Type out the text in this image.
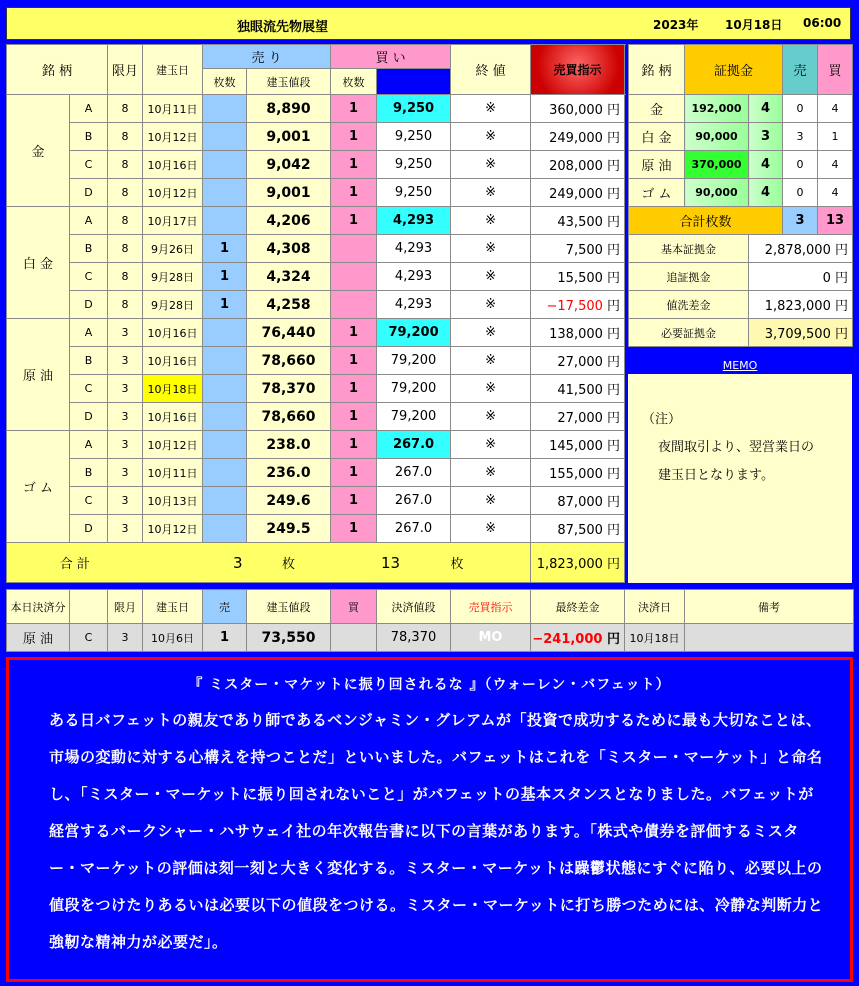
独眼流先物展望	2023年 10月18日 06:00
銘 柄		限月	建玉日	売 り		買 い		終 値	売買指示	
				枚数	建玉値段	枚数				
金	A	8	10月11日		8,890	1	9,250	※	360,000 円	
	B	8	10月12日		9,001	1	9,250	※	249,000 円	
	C	8	10月16日		9,042	1	9,250	※	208,000 円	
	D	8	10月12日		9,001	1	9,250	※	249,000 円	
白 金	A	8	10月17日		4,206	1	4,293	※	43,500 円	
	B	8	9月26日	1	4,308		4,293	※	7,500 円	
	C	8	9月28日	1	4,324		4,293	※	15,500 円	
	D	8	9月28日	1	4,258		4,293	※	−17,500 円	
原 油	A	3	10月16日		76,440	1	79,200	※	138,000 円	
	B	3	10月16日		78,660	1	79,200	※	27,000 円	
	C	3	10月18日		78,370	1	79,200	※	41,500 円	
	D	3	10月16日		78,660	1	79,200	※	27,000 円	
ゴ ム	A	3	10月12日		238.0	1	267.0	※	145,000 円	
	B	3	10月11日		236.0	1	267.0	※	155,000 円	
	C	3	10月13日		249.6	1	267.0	※	87,000 円	
	D	3	10月12日		249.5	1	267.0	※	87,500 円	
合 計			3		枚	13		枚	1,823,000 円	
銘 柄	証拠金		売	買
金	192,000	4	0	4
白 金	90,000	3	3	1
原 油	370,000	4	0	4
ゴ ム	90,000	4	0	4
合計枚数			3	13
基本証拠金		2,878,000 円		
追証拠金		0 円		
値洗差金		1,823,000 円		
必要証拠金		3,709,500 円		
$_{MEMO}$
（注）
夜間取引より、翌営業日の
建玉日となります。
本日決済分		限月	建玉日	売	建玉値段	買	決済値段	売買指示	最終差金	決済日	備考
原 油	C	3	10月6日	1	73,550		78,370	MO	−241,000 円	10月18日	
『 ミスター・マケットに振り回されるな 』（ウォーレン・バフェット）
ある日バフェットの親友であり師であるベンジャミン・グレアムが「投資で成功するために最も大切なことは、市場の変動に対する心構えを持つことだ」といいました。バフェットはこれを「ミスター・マーケット」と命名し、「ミスター・マーケットに振り回されないこと」がバフェットの基本スタンスとなりました。バフェットが経営するバークシャー・ハサウェイ社の年次報告書に以下の言葉があります。「株式や債券を評価するミスター・マーケットの評価は刻一刻と大きく変化する。ミスター・マーケットは躁鬱状態にすぐに陥り、必要以上の値段をつけたりあるいは必要以下の値段をつける。ミスター・マーケットに打ち勝つためには、冷静な判断力と強靭な精神力が必要だ」。
